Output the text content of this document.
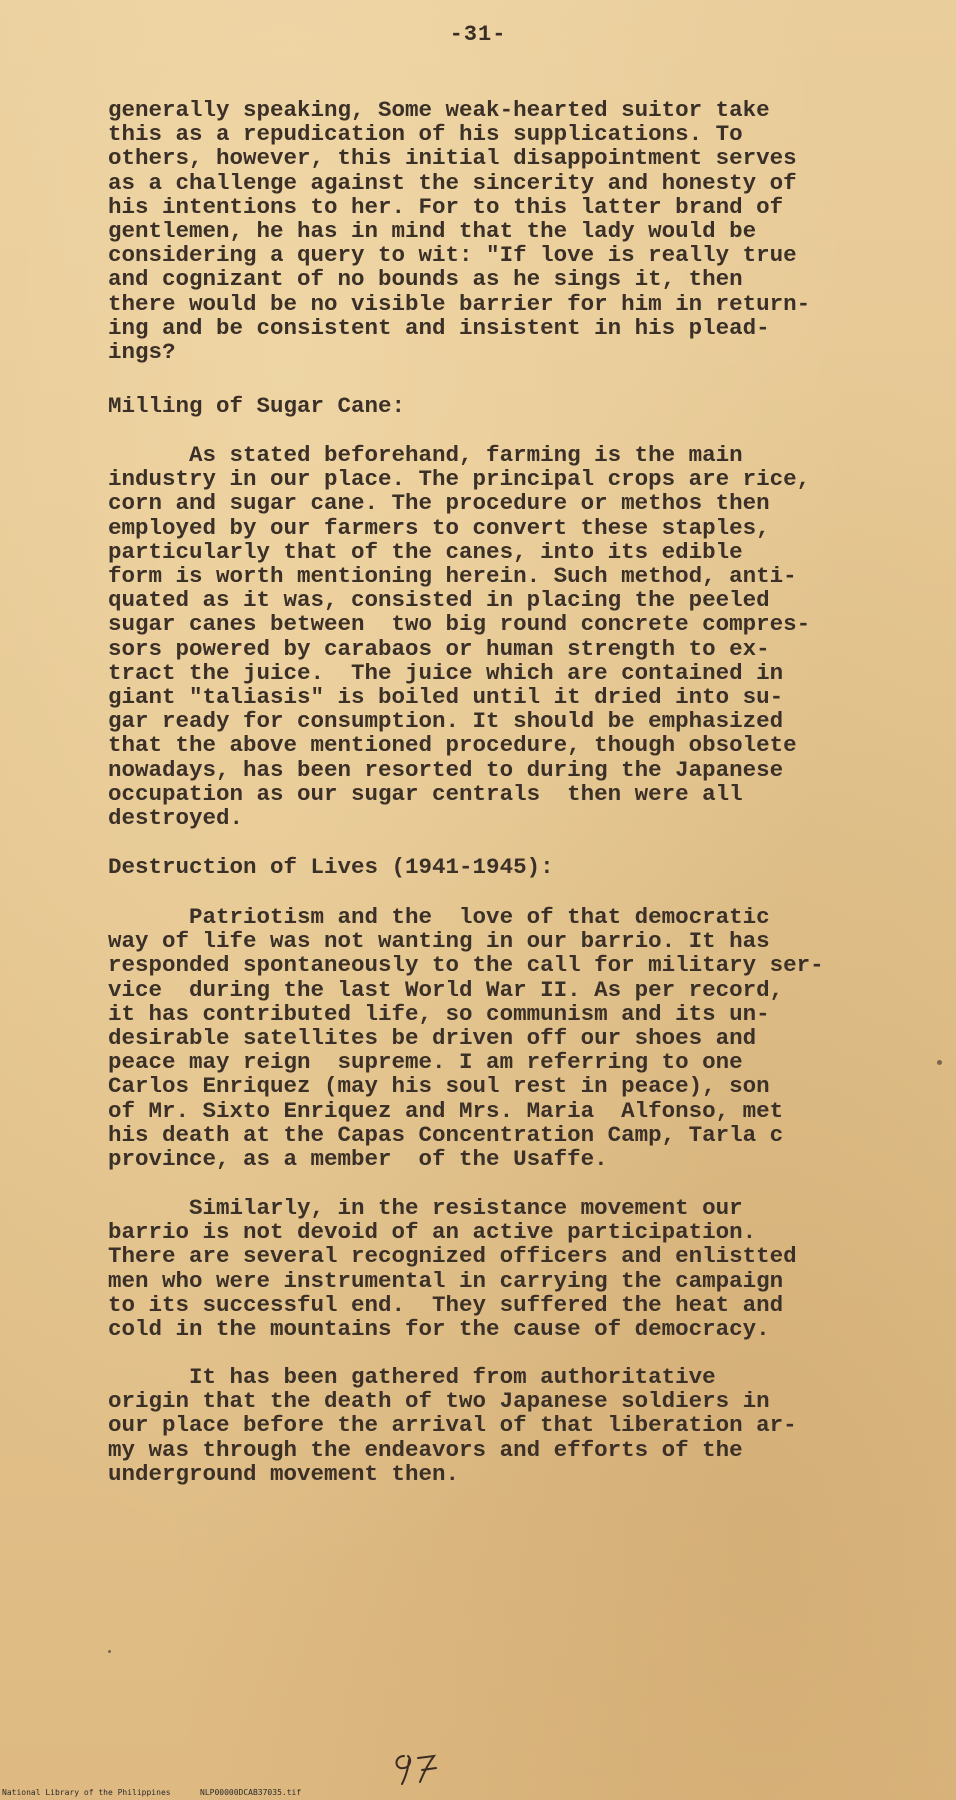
-31-
generally speaking, Some weak-hearted suitor take
this as a repudication of his supplications. To
others, however, this initial disappointment serves
as a challenge against the sincerity and honesty of
his intentions to her. For to this latter brand of
gentlemen, he has in mind that the lady would be
considering a query to wit: "If love is really true
and cognizant of no bounds as he sings it, then
there would be no visible barrier for him in return-
ing and be consistent and insistent in his plead-
ings?
Milling of Sugar Cane:
As stated beforehand, farming is the main
industry in our place. The principal crops are rice,
corn and sugar cane. The procedure or methos then
employed by our farmers to convert these staples,
particularly that of the canes, into its edible
form is worth mentioning herein. Such method, anti-
quated as it was, consisted in placing the peeled
sugar canes between  two big round concrete compres-
sors powered by carabaos or human strength to ex-
tract the juice.  The juice which are contained in
giant "taliasis" is boiled until it dried into su-
gar ready for consumption. It should be emphasized
that the above mentioned procedure, though obsolete
nowadays, has been resorted to during the Japanese
occupation as our sugar centrals  then were all
destroyed.
Destruction of Lives (1941-1945):
Patriotism and the  love of that democratic
way of life was not wanting in our barrio. It has
responded spontaneously to the call for military ser-
vice  during the last World War II. As per record,
it has contributed life, so communism and its un-
desirable satellites be driven off our shoes and
peace may reign  supreme. I am referring to one
Carlos Enriquez (may his soul rest in peace), son
of Mr. Sixto Enriquez and Mrs. Maria  Alfonso, met
his death at the Capas Concentration Camp, Tarla c
province, as a member  of the Usaffe.
Similarly, in the resistance movement our
barrio is not devoid of an active participation.
There are several recognized officers and enlistted
men who were instrumental in carrying the campaign
to its successful end.  They suffered the heat and
cold in the mountains for the cause of democracy.
It has been gathered from authoritative
origin that the death of two Japanese soldiers in
our place before the arrival of that liberation ar-
my was through the endeavors and efforts of the
underground movement then.
National Library of the Philippines	NLP00000DCAB37035.tif
